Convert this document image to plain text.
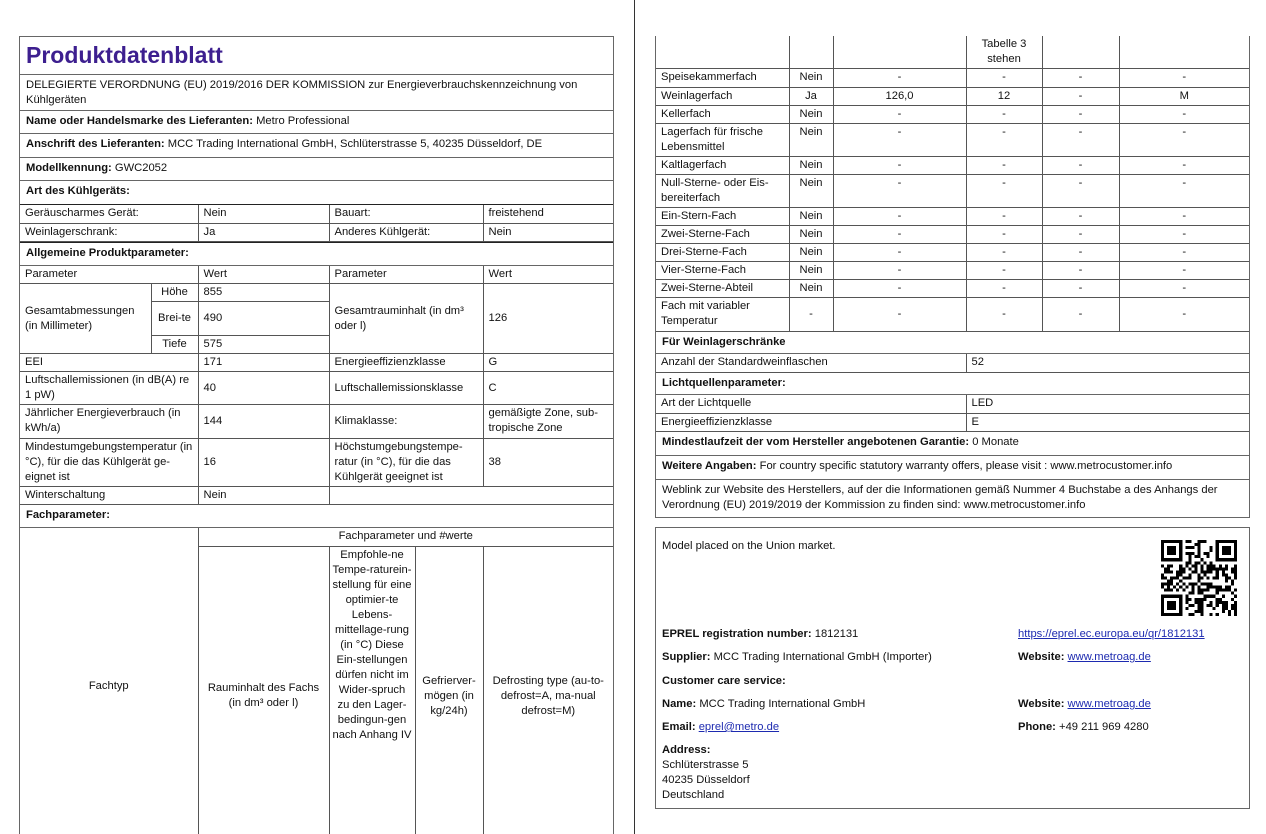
Produktdatenblatt
DELEGIERTE VERORDNUNG (EU) 2019/2016 DER KOMMISSION zur Energieverbrauchskennzeichnung von Kühlgeräten
Name oder Handelsmarke des Lieferanten: Metro Professional
Anschrift des Lieferanten: MCC Trading International GmbH, Schlüterstrasse 5, 40235 Düsseldorf, DE
Modellkennung: GWC2052
Art des Kühlgeräts:
Geräuscharmes Gerät:	Nein	Bauart:	freistehend
Weinlagerschrank:	Ja	Anderes Kühlgerät:	Nein
Allgemeine Produktparameter:
Parameter		Wert	Parameter	Wert
Gesamtabmessungen (in Millimeter)	Höhe	855	Gesamtrauminhalt (in dm³ oder l)	126
	Brei-te	490		
	Tiefe	575		
EEI		171	Energieeffizienzklasse	G
Luftschallemissionen (in dB(A) re 1 pW)		40	Luftschallemissionsklasse	C
Jährlicher Energieverbrauch (in kWh/a)		144	Klimaklasse:	gemäßigte Zone, sub-tropische Zone
Mindestumgebungstemperatur (in °C), für die das Kühlgerät ge-eignet ist		16	Höchstumgebungstempe-ratur (in °C), für die das Kühlgerät geeignet ist	38
Winterschaltung		Nein		
Fachparameter:
Fachtyp	Fachparameter und #werte			
	Rauminhalt des Fachs (in dm³ oder l)	Empfohle-ne Tempe-raturein-stellung für eine optimier-te Lebens-mittellage-rung (in °C) Diese Ein-stellungen dürfen nicht im Wider-spruch zu den Lager-bedingun-gen nach Anhang IV	Gefrierver-mögen (in kg/24h)	Defrosting type (au-to-defrost=A, ma-nual defrost=M)
			Tabelle 3 stehen		
Speisekammerfach	Nein	-	-	-	-
Weinlagerfach	Ja	126,0	12	-	M
Kellerfach	Nein	-	-	-	-
Lagerfach für frische Lebensmittel	Nein	-	-	-	-
Kaltlagerfach	Nein	-	-	-	-
Null-Sterne- oder Eis-bereiterfach	Nein	-	-	-	-
Ein-Stern-Fach	Nein	-	-	-	-
Zwei-Sterne-Fach	Nein	-	-	-	-
Drei-Sterne-Fach	Nein	-	-	-	-
Vier-Sterne-Fach	Nein	-	-	-	-
Zwei-Sterne-Abteil	Nein	-	-	-	-
Fach mit variabler Temperatur	-	-	-	-	-
Für Weinlagerschränke
Anzahl der Standardweinflaschen	52
Lichtquellenparameter:
Art der Lichtquelle	LED
Energieeffizienzklasse	E
Mindestlaufzeit der vom Hersteller angebotenen Garantie: 0 Monate
Weitere Angaben: For country specific statutory warranty offers, please visit : www.metrocustomer.info
Weblink zur Website des Herstellers, auf der die Informationen gemäß Nummer 4 Buchstabe a des Anhangs der Verordnung (EU) 2019/2019 der Kommission zu finden sind: www.metrocustomer.info
Model placed on the Union market.
EPREL registration number: 1812131	https://eprel.ec.europa.eu/qr/1812131
Supplier: MCC Trading International GmbH (Importer)	Website: www.metroag.de
Customer care service:
Name: MCC Trading International GmbH	Website: www.metroag.de
Email: eprel@metro.de	Phone: +49 211 969 4280
Address:
Schlüterstrasse 5
40235 Düsseldorf
Deutschland
